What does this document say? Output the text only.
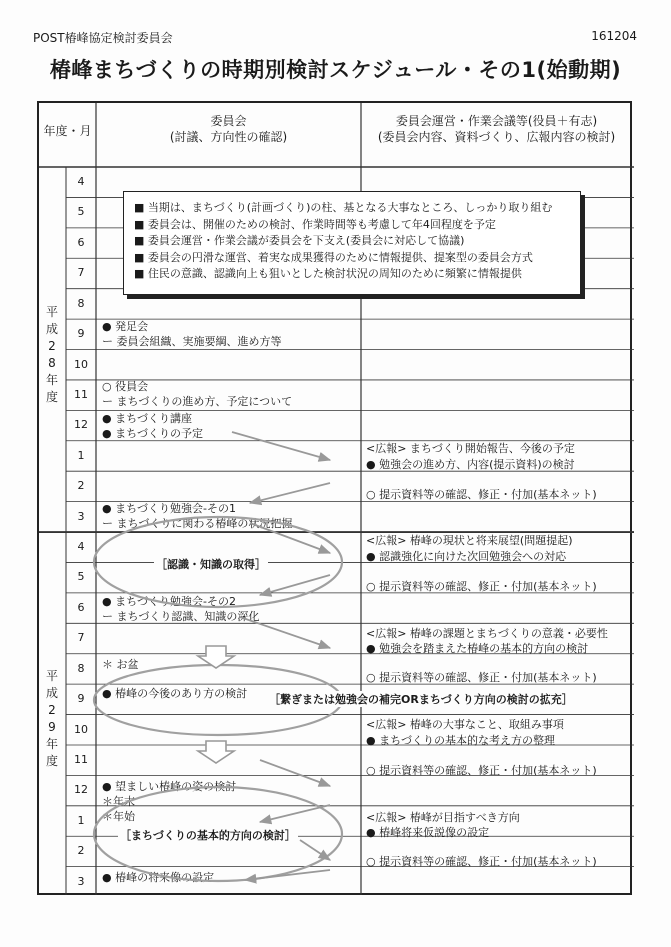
POST椿峰協定検討委員会	161204
椿峰まちづくりの時期別検討スケジュール・その1(始動期)
年度・月
委員会
(討議、方向性の確認)
委員会運営・作業会議等(役員＋有志)
(委員会内容、資料づくり、広報内容の検討)
平
成
2
8
年
度
平
成
2
9
年
度
4
5
6
7
8
9
10
11
12
1
2
3
4
5
6
7
8
9
10
11
12
1
2
3
● 発足会
ー 委員会組織、実施要綱、進め方等
○ 役員会
ー まちづくりの進め方、予定について
● まちづくり講座
● まちづくりの予定
● まちづくり勉強会-その1
ー まちづくりに関わる椿峰の状況把握
● まちづくり勉強会-その2
ー まちづくり認識、知識の深化
＊ お盆
● 椿峰の今後のあり方の検討
● 望ましい椿峰の姿の検討
＊年末
＊年始
● 椿峰の将来像の設定
<広報> まちづくり開始報告、今後の予定
● 勉強会の進め方、内容(提示資料)の検討
○ 提示資料等の確認、修正・付加(基本ネット)
<広報> 椿峰の現状と将来展望(問題提起)
● 認識強化に向けた次回勉強会への対応
○ 提示資料等の確認、修正・付加(基本ネット)
<広報> 椿峰の課題とまちづくりの意義・必要性
● 勉強会を踏まえた椿峰の基本的方向の検討
○ 提示資料等の確認、修正・付加(基本ネット)
<広報> 椿峰の大事なこと、取組み事項
● まちづくりの基本的な考え方の整理
○ 提示資料等の確認、修正・付加(基本ネット)
<広報> 椿峰が目指すべき方向
● 椿峰将来仮説像の設定
○ 提示資料等の確認、修正・付加(基本ネット)
■ 当期は、まちづくり(計画づくり)の柱、基となる大事なところ、しっかり取り組む
■ 委員会は、開催のための検討、作業時間等も考慮して年4回程度を予定
■ 委員会運営・作業会議が委員会を下支え(委員会に対応して協議)
■ 委員会の円滑な運営、着実な成果獲得のために情報提供、提案型の委員会方式
■ 住民の意識、認識向上も狙いとした検討状況の周知のために頻繁に情報提供
［認識・知識の取得］
［繋ぎまたは勉強会の補完ORまちづくり方向の検討の拡充］
［まちづくりの基本的方向の検討］
